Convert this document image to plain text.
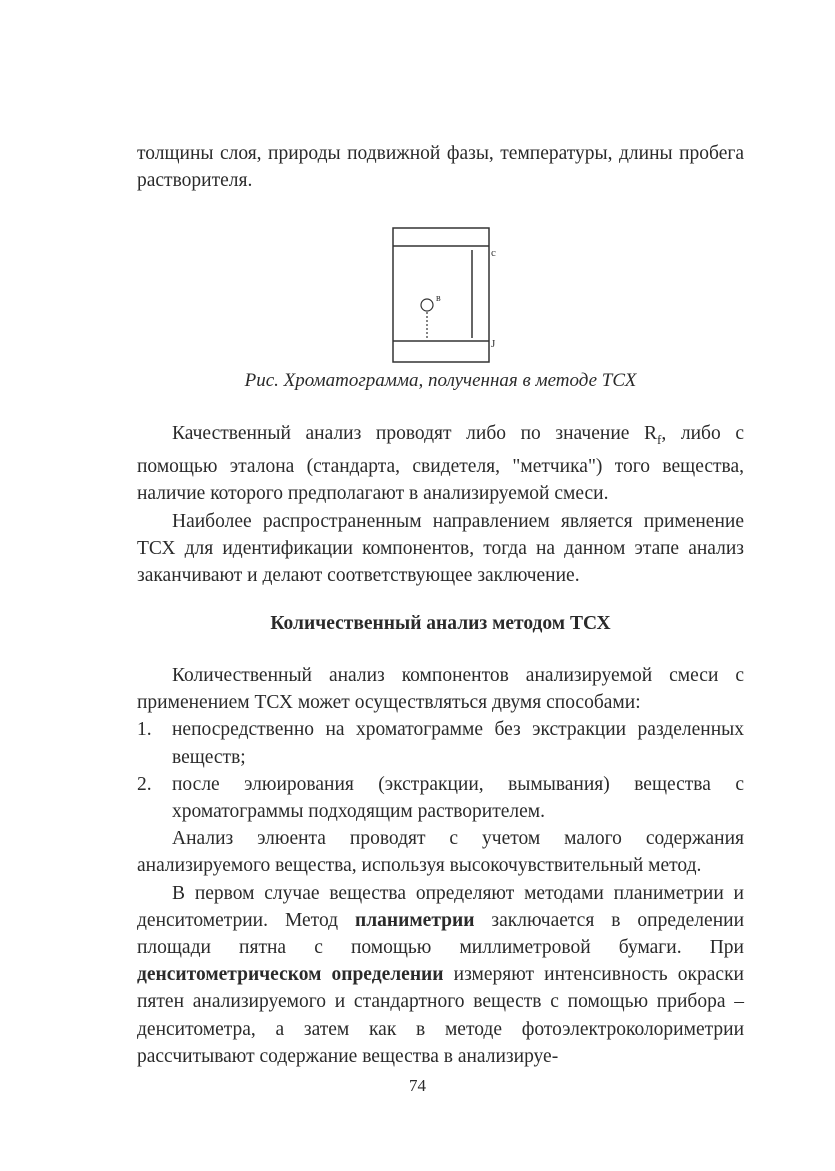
толщины слоя, природы подвижной фазы, температуры, длины пробега растворителя.

в
с
J
Рис. Хроматограмма, полученная в методе ТСХ

Качественный анализ проводят либо по значение $R_f$, либо с помощью эталона (стандарта, свидетеля, "метчика") того вещества, наличие которого предполагают в анализируемой смеси.

Наиболее распространенным направлением является применение ТСХ для идентификации компонентов, тогда на данном этапе анализ заканчивают и делают соответствующее заключение.

Количественный анализ методом ТСХ

Количественный анализ компонентов анализируемой смеси с применением ТСХ может осуществляться двумя способами:

1. непосредственно на хроматограмме без экстракции разделенных веществ;

2. после элюирования (экстракции, вымывания) вещества с хроматограммы подходящим растворителем.

Анализ элюента проводят с учетом малого содержания анализируемого вещества, используя высокочувствительный метод.

В первом случае вещества определяют методами планиметрии и денситометрии. Метод планиметрии заключается в определении площади пятна с помощью миллиметровой бумаги. При денситометрическом определении измеряют интенсивность окраски пятен анализируемого и стандартного веществ с помощью прибора – денситометра, а затем как в методе фотоэлектроколориметрии рассчитывают содержание вещества в анализируе-

74
